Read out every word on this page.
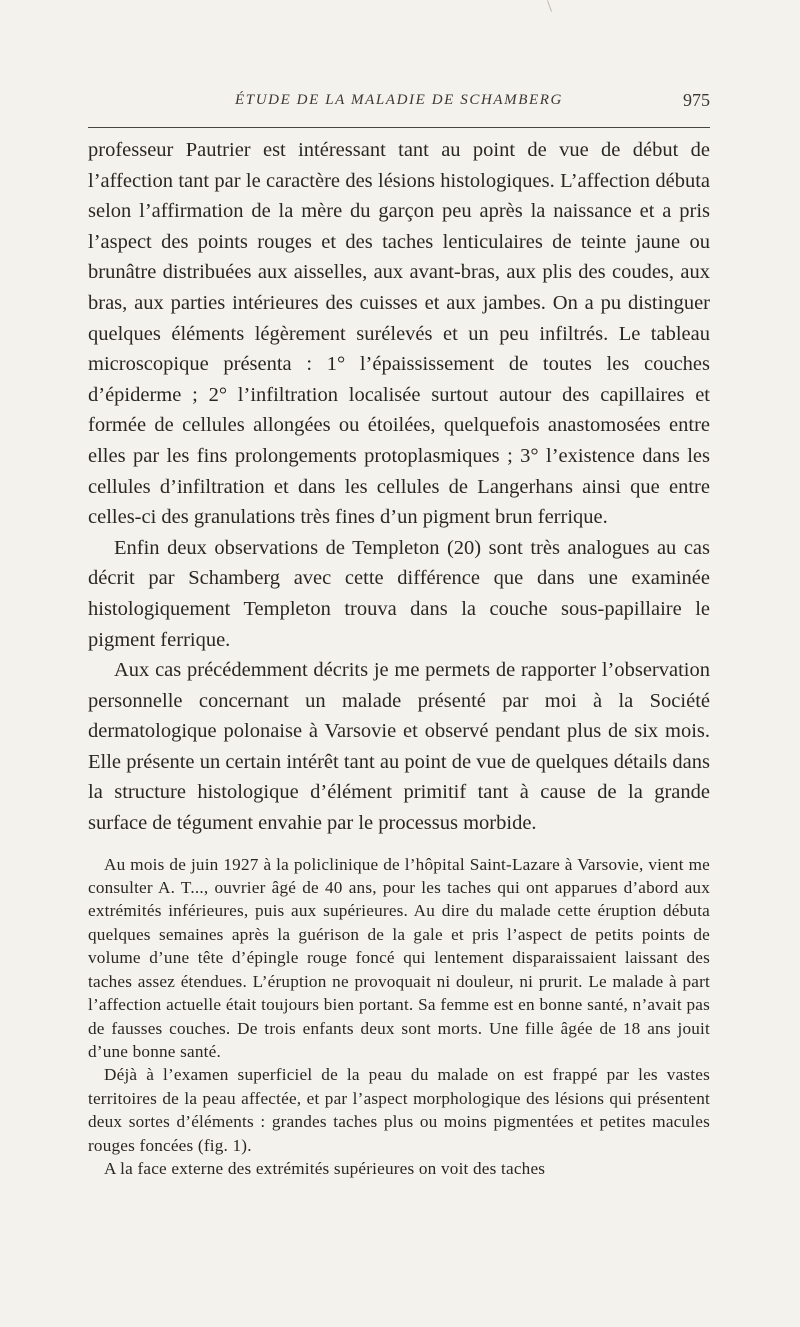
ÉTUDE DE LA MALADIE DE SCHAMBERG	975

professeur Pautrier est intéressant tant au point de vue de début de l’affection tant par le caractère des lésions histologiques. L’affection débuta selon l’affirmation de la mère du garçon peu après la naissance et a pris l’aspect des points rouges et des taches lenticulaires de teinte jaune ou brunâtre distribuées aux aisselles, aux avant-bras, aux plis des coudes, aux bras, aux parties intérieures des cuisses et aux jambes. On a pu distinguer quelques éléments légèrement surélevés et un peu infiltrés. Le tableau microscopique présenta : 1° l’épaississement de toutes les couches d’épiderme ; 2° l’infiltration localisée surtout autour des capillaires et formée de cellules allongées ou étoilées, quelquefois anastomosées entre elles par les fins prolongements protoplasmiques ; 3° l’existence dans les cellules d’infiltration et dans les cellules de Langerhans ainsi que entre celles-ci des granulations très fines d’un pigment brun ferrique.

Enfin deux observations de Templeton (20) sont très analogues au cas décrit par Schamberg avec cette différence que dans une examinée histologiquement Templeton trouva dans la couche sous-papillaire le pigment ferrique.

Aux cas précédemment décrits je me permets de rapporter l’observation personnelle concernant un malade présenté par moi à la Société dermatologique polonaise à Varsovie et observé pendant plus de six mois. Elle présente un certain intérêt tant au point de vue de quelques détails dans la structure histologique d’élément primitif tant à cause de la grande surface de tégument envahie par le processus morbide.

Au mois de juin 1927 à la policlinique de l’hôpital Saint-Lazare à Varsovie, vient me consulter A. T..., ouvrier âgé de 40 ans, pour les taches qui ont apparues d’abord aux extrémités inférieures, puis aux supérieures. Au dire du malade cette éruption débuta quelques semaines après la guérison de la gale et pris l’aspect de petits points de volume d’une tête d’épingle rouge foncé qui lentement disparaissaient laissant des taches assez étendues. L’éruption ne provoquait ni douleur, ni prurit. Le malade à part l’affection actuelle était toujours bien portant. Sa femme est en bonne santé, n’avait pas de fausses couches. De trois enfants deux sont morts. Une fille âgée de 18 ans jouit d’une bonne santé.

Déjà à l’examen superficiel de la peau du malade on est frappé par les vastes territoires de la peau affectée, et par l’aspect morphologique des lésions qui présentent deux sortes d’éléments : grandes taches plus ou moins pigmentées et petites macules rouges foncées (fig. 1).

A la face externe des extrémités supérieures on voit des taches
